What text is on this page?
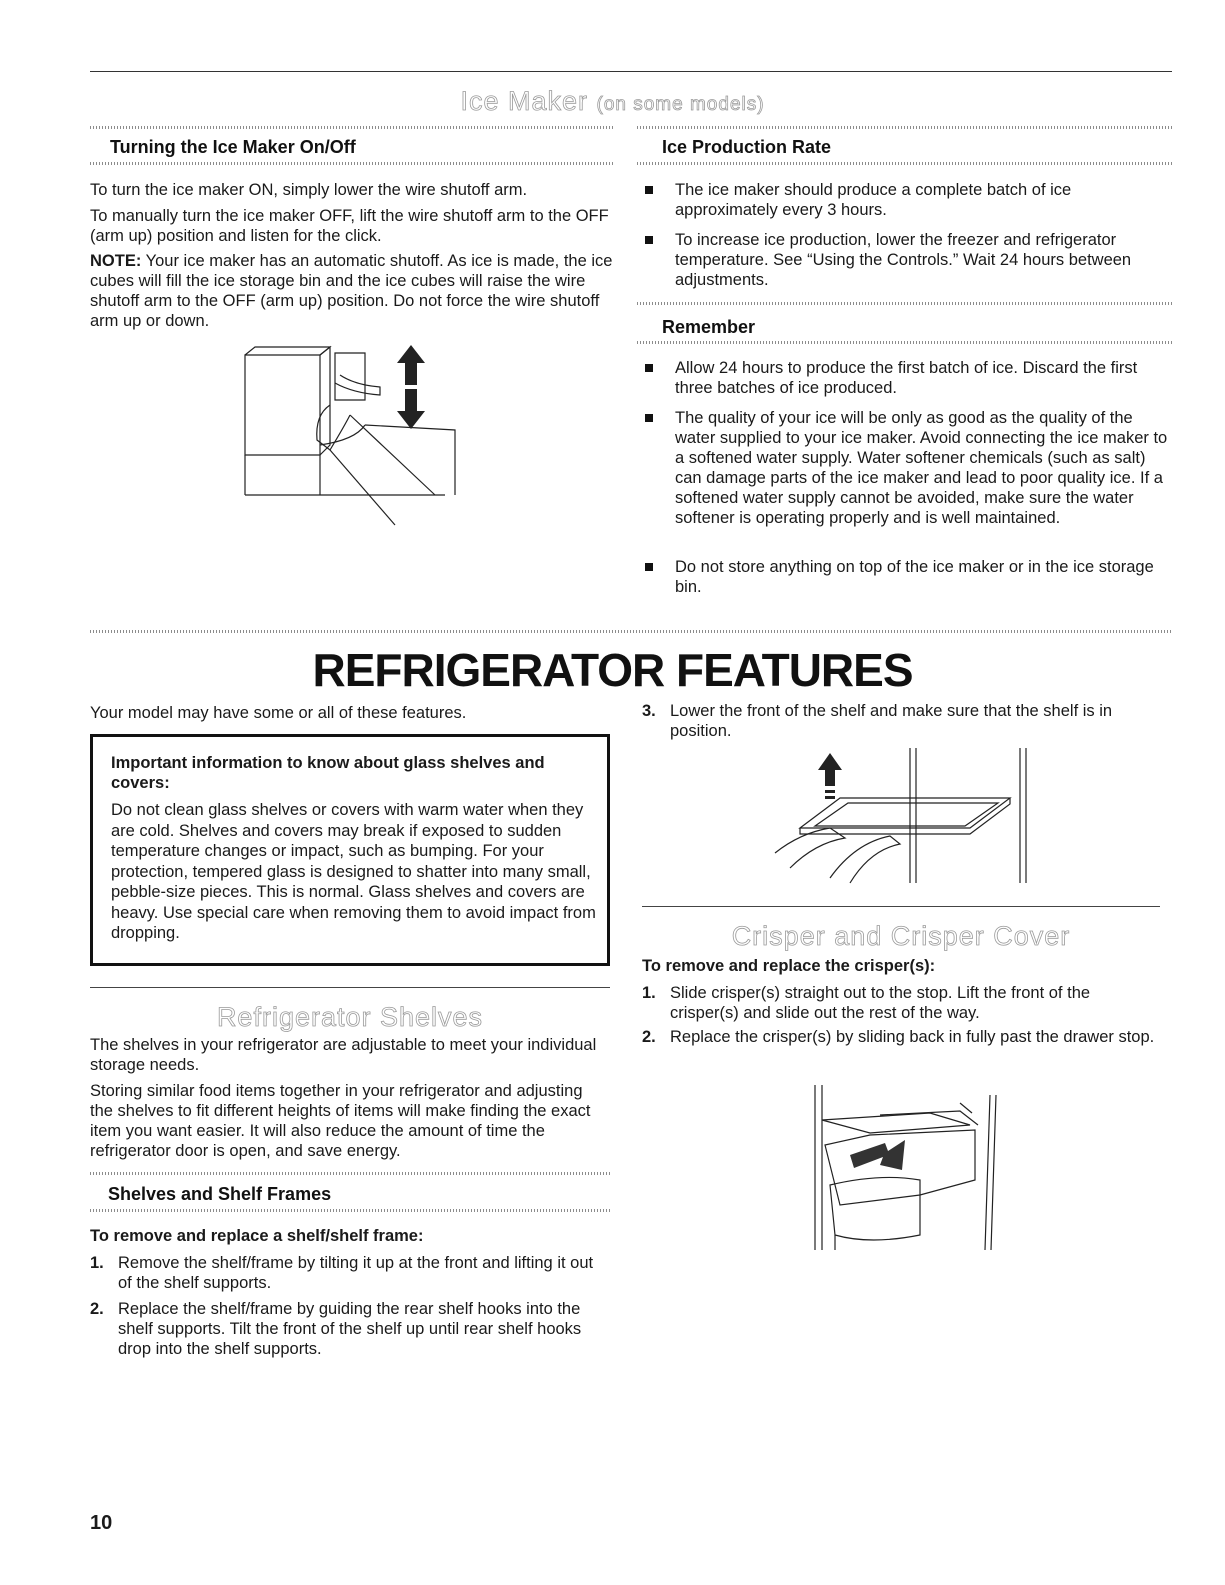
Ice Maker (on some models)
Turning the Ice Maker On/Off
To turn the ice maker ON, simply lower the wire shutoff arm.
To manually turn the ice maker OFF, lift the wire shutoff arm to the OFF (arm up) position and listen for the click.
NOTE: Your ice maker has an automatic shutoff. As ice is made, the ice cubes will fill the ice storage bin and the ice cubes will raise the wire shutoff arm to the OFF (arm up) position. Do not force the wire shutoff arm up or down.
Ice Production Rate
The ice maker should produce a complete batch of ice approximately every 3 hours.
To increase ice production, lower the freezer and refrigerator temperature. See “Using the Controls.” Wait 24 hours between adjustments.
Remember
Allow 24 hours to produce the first batch of ice. Discard the first three batches of ice produced.
The quality of your ice will be only as good as the quality of the water supplied to your ice maker. Avoid connecting the ice maker to a softened water supply. Water softener chemicals (such as salt) can damage parts of the ice maker and lead to poor quality ice. If a softened water supply cannot be avoided, make sure the water softener is operating properly and is well maintained.
Do not store anything on top of the ice maker or in the ice storage bin.
REFRIGERATOR FEATURES
Your model may have some or all of these features.
Important information to know about glass shelves and covers:
Do not clean glass shelves or covers with warm water when they are cold. Shelves and covers may break if exposed to sudden temperature changes or impact, such as bumping. For your protection, tempered glass is designed to shatter into many small, pebble-size pieces. This is normal. Glass shelves and covers are heavy. Use special care when removing them to avoid impact from dropping.
Refrigerator Shelves
The shelves in your refrigerator are adjustable to meet your individual storage needs.
Storing similar food items together in your refrigerator and adjusting the shelves to fit different heights of items will make finding the exact item you want easier. It will also reduce the amount of time the refrigerator door is open, and save energy.
Shelves and Shelf Frames
To remove and replace a shelf/shelf frame:
1. Remove the shelf/frame by tilting it up at the front and lifting it out of the shelf supports.
2. Replace the shelf/frame by guiding the rear shelf hooks into the shelf supports. Tilt the front of the shelf up until rear shelf hooks drop into the shelf supports.
3. Lower the front of the shelf and make sure that the shelf is in position.
Crisper and Crisper Cover
To remove and replace the crisper(s):
1. Slide crisper(s) straight out to the stop. Lift the front of the crisper(s) and slide out the rest of the way.
2. Replace the crisper(s) by sliding back in fully past the drawer stop.
10
